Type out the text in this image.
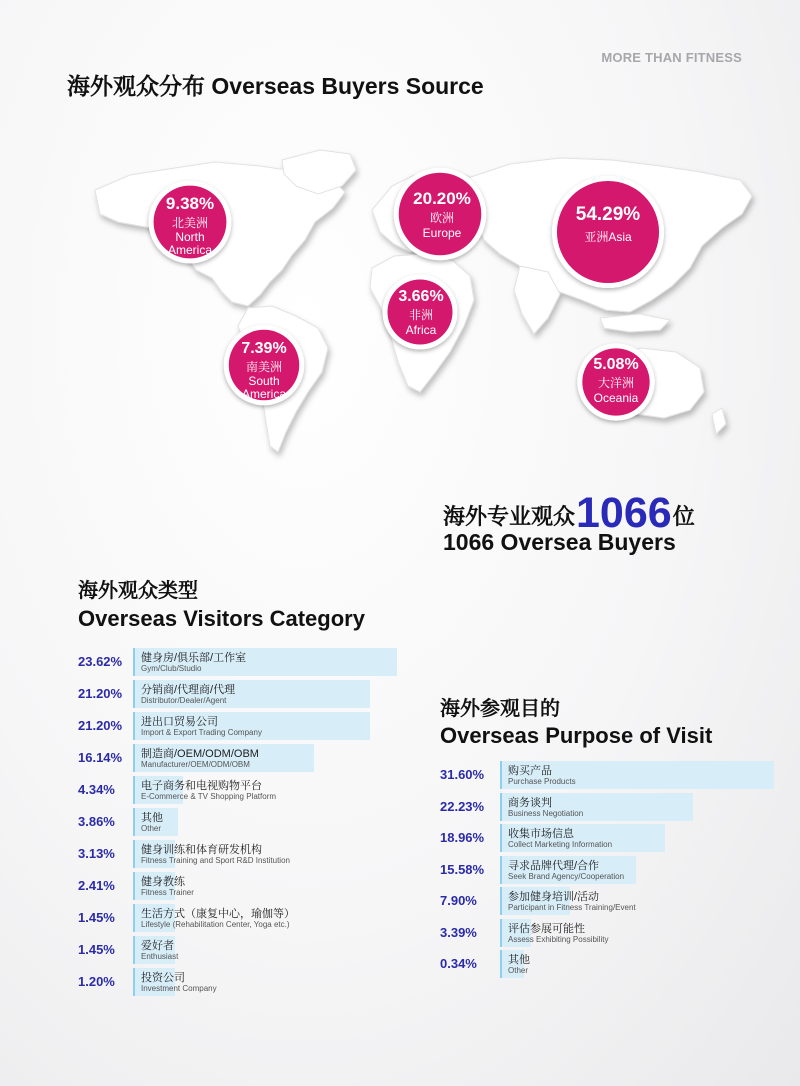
MORE THAN FITNESS
海外观众分布 Overseas Buyers Source
9.38%
北美洲
North
America
20.20%
欧洲
Europe
54.29%
亚洲Asia
3.66%
非洲
Africa
7.39%
南美洲
South
America
5.08%
大洋洲
Oceania
海外专业观众 1066 位
1066 Oversea Buyers
海外观众类型
Overseas Visitors Category
23.62% 健身房/俱乐部/工作室
Gym/Club/Studio
21.20% 分销商/代理商/代理
Distributor/Dealer/Agent
21.20% 进出口贸易公司
Import & Export Trading Company
16.14% 制造商/OEM/ODM/OBM
Manufacturer/OEM/ODM/OBM
4.34% 电子商务和电视购物平台
E-Commerce & TV Shopping Platform
3.86% 其他
Other
3.13% 健身训练和体育研发机构
Fitness Training and Sport R&D Institution
2.41% 健身教练
Fitness Trainer
1.45% 生活方式（康复中心，瑜伽等）
Lifestyle (Rehabilitation Center, Yoga etc.)
1.45% 爱好者
Enthusiast
1.20% 投资公司
Investment Company
海外参观目的
Overseas Purpose of Visit
31.60% 购买产品
Purchase Products
22.23% 商务谈判
Business Negotiation
18.96% 收集市场信息
Collect Marketing Information
15.58% 寻求品牌代理/合作
Seek Brand Agency/Cooperation
7.90%	参加健身培训/活动
Participant in Fitness Training/Event
3.39%	评估参展可能性
Assess Exhibiting Possibility
0.34%	其他
Other
